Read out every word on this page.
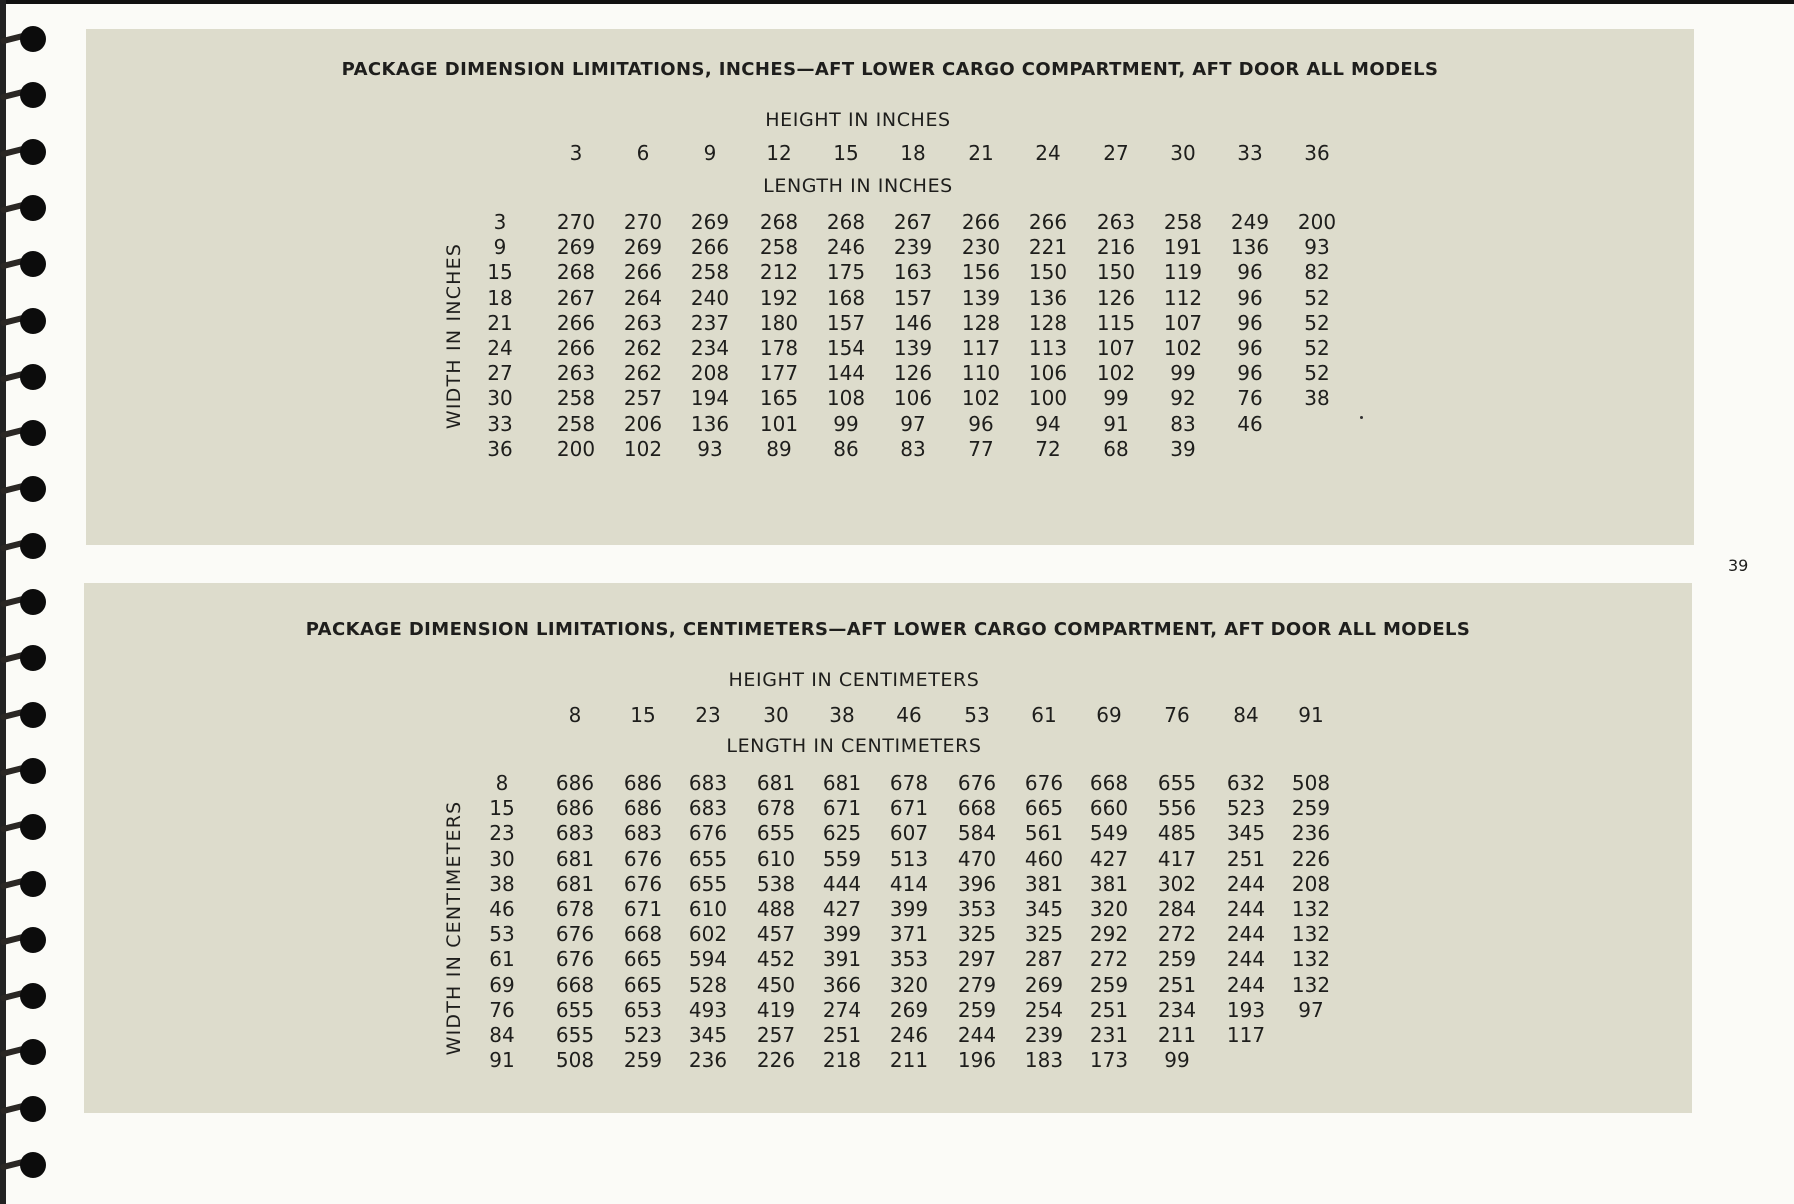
PACKAGE DIMENSION LIMITATIONS, INCHES—AFT LOWER CARGO COMPARTMENT, AFT DOOR ALL MODELS
HEIGHT IN INCHES
LENGTH IN INCHES
WIDTH IN INCHES
3	6	9	12	15	18	21	24	27	30	33	36
3	270	270	269	268	268	267	266	266	263	258	249	200
9	269	269	266	258	246	239	230	221	216	191	136	93
15	268	266	258	212	175	163	156	150	150	119	96	82
18	267	264	240	192	168	157	139	136	126	112	96	52
21	266	263	237	180	157	146	128	128	115	107	96	52
24	266	262	234	178	154	139	117	113	107	102	96	52
27	263	262	208	177	144	126	110	106	102	99	96	52
30	258	257	194	165	108	106	102	100	99	92	76	38
33	258	206	136	101	99	97	96	94	91	83	46
36	200	102	93	89	86	83	77	72	68	39
PACKAGE DIMENSION LIMITATIONS, CENTIMETERS—AFT LOWER CARGO COMPARTMENT, AFT DOOR ALL MODELS
HEIGHT IN CENTIMETERS
LENGTH IN CENTIMETERS
WIDTH IN CENTIMETERS
8	15	23	30	38	46	53	61	69	76	84	91
8	686	686	683	681	681	678	676	676	668	655	632	508
15	686	686	683	678	671	671	668	665	660	556	523	259
23	683	683	676	655	625	607	584	561	549	485	345	236
30	681	676	655	610	559	513	470	460	427	417	251	226
38	681	676	655	538	444	414	396	381	381	302	244	208
46	678	671	610	488	427	399	353	345	320	284	244	132
53	676	668	602	457	399	371	325	325	292	272	244	132
61	676	665	594	452	391	353	297	287	272	259	244	132
69	668	665	528	450	366	320	279	269	259	251	244	132
76	655	653	493	419	274	269	259	254	251	234	193	97
84	655	523	345	257	251	246	244	239	231	211	117
91	508	259	236	226	218	211	196	183	173	99
39
